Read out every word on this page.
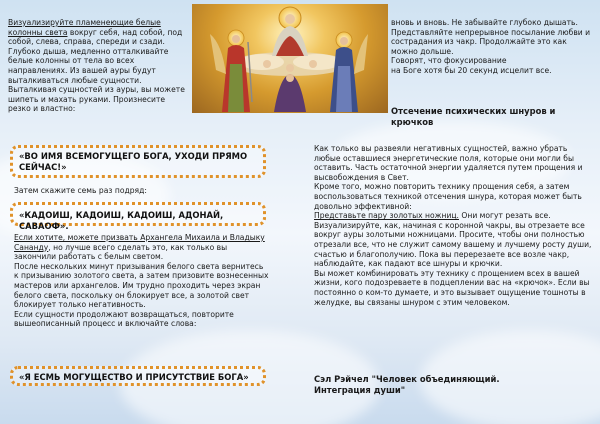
Визуализируйте пламенеющие белые
колонны света вокруг себя, над собой, под собой, слева, справа, спереди и сзади. Глубоко дыша, медленно отталкивайте белые колонны от тела во всех направлениях. Из вашей ауры будут выталкиваться любые сущности. Выталкивая сущностей из ауры, вы можете шипеть и махать руками. Произнесите резко и властно:
вновь и вновь. Не забывайте глубоко дышать. Представляйте непрерывное посылание любви и сострадания из чакр. Продолжайте это как можно дольше.
Говорят, что фокусирование
на Боге хотя бы 20 секунд исцелит все.
Отсечение психических шнуров и крючков
«ВО ИМЯ ВСЕМОГУЩЕГО БОГА, УХОДИ ПРЯМО СЕЙЧАС!»
Затем скажите семь раз подряд:
«КАДОИШ, КАДОИШ, КАДОИШ, АДОНАЙ, САВАОФ».

Если хотите, можете призвать Архангела Михаила и Владыку Сананду, но лучше всего сделать это, как только вы закончили работать с белым светом.

После нескольких минут призывания белого света вернитесь к призыванию золотого света, а затем призовите вознесенных мастеров или архангелов. Им трудно проходить через экран белого света, поскольку он блокирует все, а золотой свет блокирует только негативность.

Если сущности продолжают возвращаться, повторите вышеописанный процесс и включайте слова:

«Я ЕСМЬ МОГУЩЕСТВО И ПРИСУТСТВИЕ БОГА»

Как только вы развеяли негативных сущностей, важно убрать любые оставшиеся энергетические поля, которые они могли бы оставить. Часть остаточной энергии удаляется путем прощения и высвобождения в Свет.

Кроме того, можно повторить технику прощения себя, а затем воспользоваться техникой отсечения шнура, которая может быть довольно эффективной:

Представьте пару золотых ножниц. Они могут резать все. Визуализируйте, как, начиная с коронной чакры, вы отрезаете все вокруг ауры золотыми ножницами. Просите, чтобы они полностью отрезали все, что не служит самому вашему и лучшему росту души, счастью и благополучию. Пока вы перерезаете все возле чакр, наблюдайте, как падают все шнуры и крючки.

Вы может комбинировать эту технику с прощением всех в вашей жизни, кого подозреваете в подцеплении вас на «крючок». Если вы постоянно о ком-то думаете, и это вызывает ощущение тошноты в желудке, вы связаны шнуром с этим человеком.

Сэл Рэйчел "Человек объединяющий. Интеграция души"
